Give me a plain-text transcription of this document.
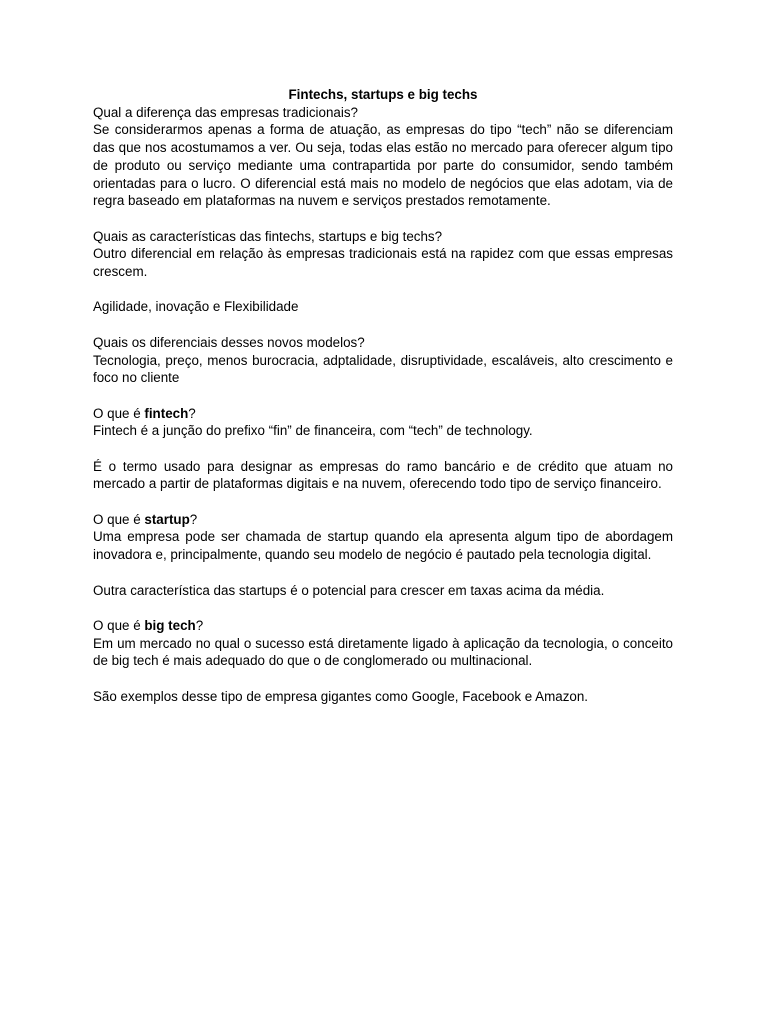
Fintechs, startups e big techs

Qual a diferença das empresas tradicionais?

Se considerarmos apenas a forma de atuação, as empresas do tipo “tech” não se diferenciam das que nos acostumamos a ver. Ou seja, todas elas estão no mercado para oferecer algum tipo de produto ou serviço mediante uma contrapartida por parte do consumidor, sendo também orientadas para o lucro. O diferencial está mais no modelo de negócios que elas adotam, via de regra baseado em plataformas na nuvem e serviços prestados remotamente.

Quais as características das fintechs, startups e big techs?

Outro diferencial em relação às empresas tradicionais está na rapidez com que essas empresas crescem.

Agilidade, inovação e Flexibilidade

Quais os diferenciais desses novos modelos?

Tecnologia, preço, menos burocracia, adptalidade, disruptividade, escaláveis, alto crescimento e foco no cliente

O que é fintech?

Fintech é a junção do prefixo “fin” de financeira, com “tech” de technology.

É o termo usado para designar as empresas do ramo bancário e de crédito que atuam no mercado a partir de plataformas digitais e na nuvem, oferecendo todo tipo de serviço financeiro.

O que é startup?

Uma empresa pode ser chamada de startup quando ela apresenta algum tipo de abordagem inovadora e, principalmente, quando seu modelo de negócio é pautado pela tecnologia digital.

Outra característica das startups é o potencial para crescer em taxas acima da média.

O que é big tech?

Em um mercado no qual o sucesso está diretamente ligado à aplicação da tecnologia, o conceito de big tech é mais adequado do que o de conglomerado ou multinacional.

São exemplos desse tipo de empresa gigantes como Google, Facebook e Amazon.
